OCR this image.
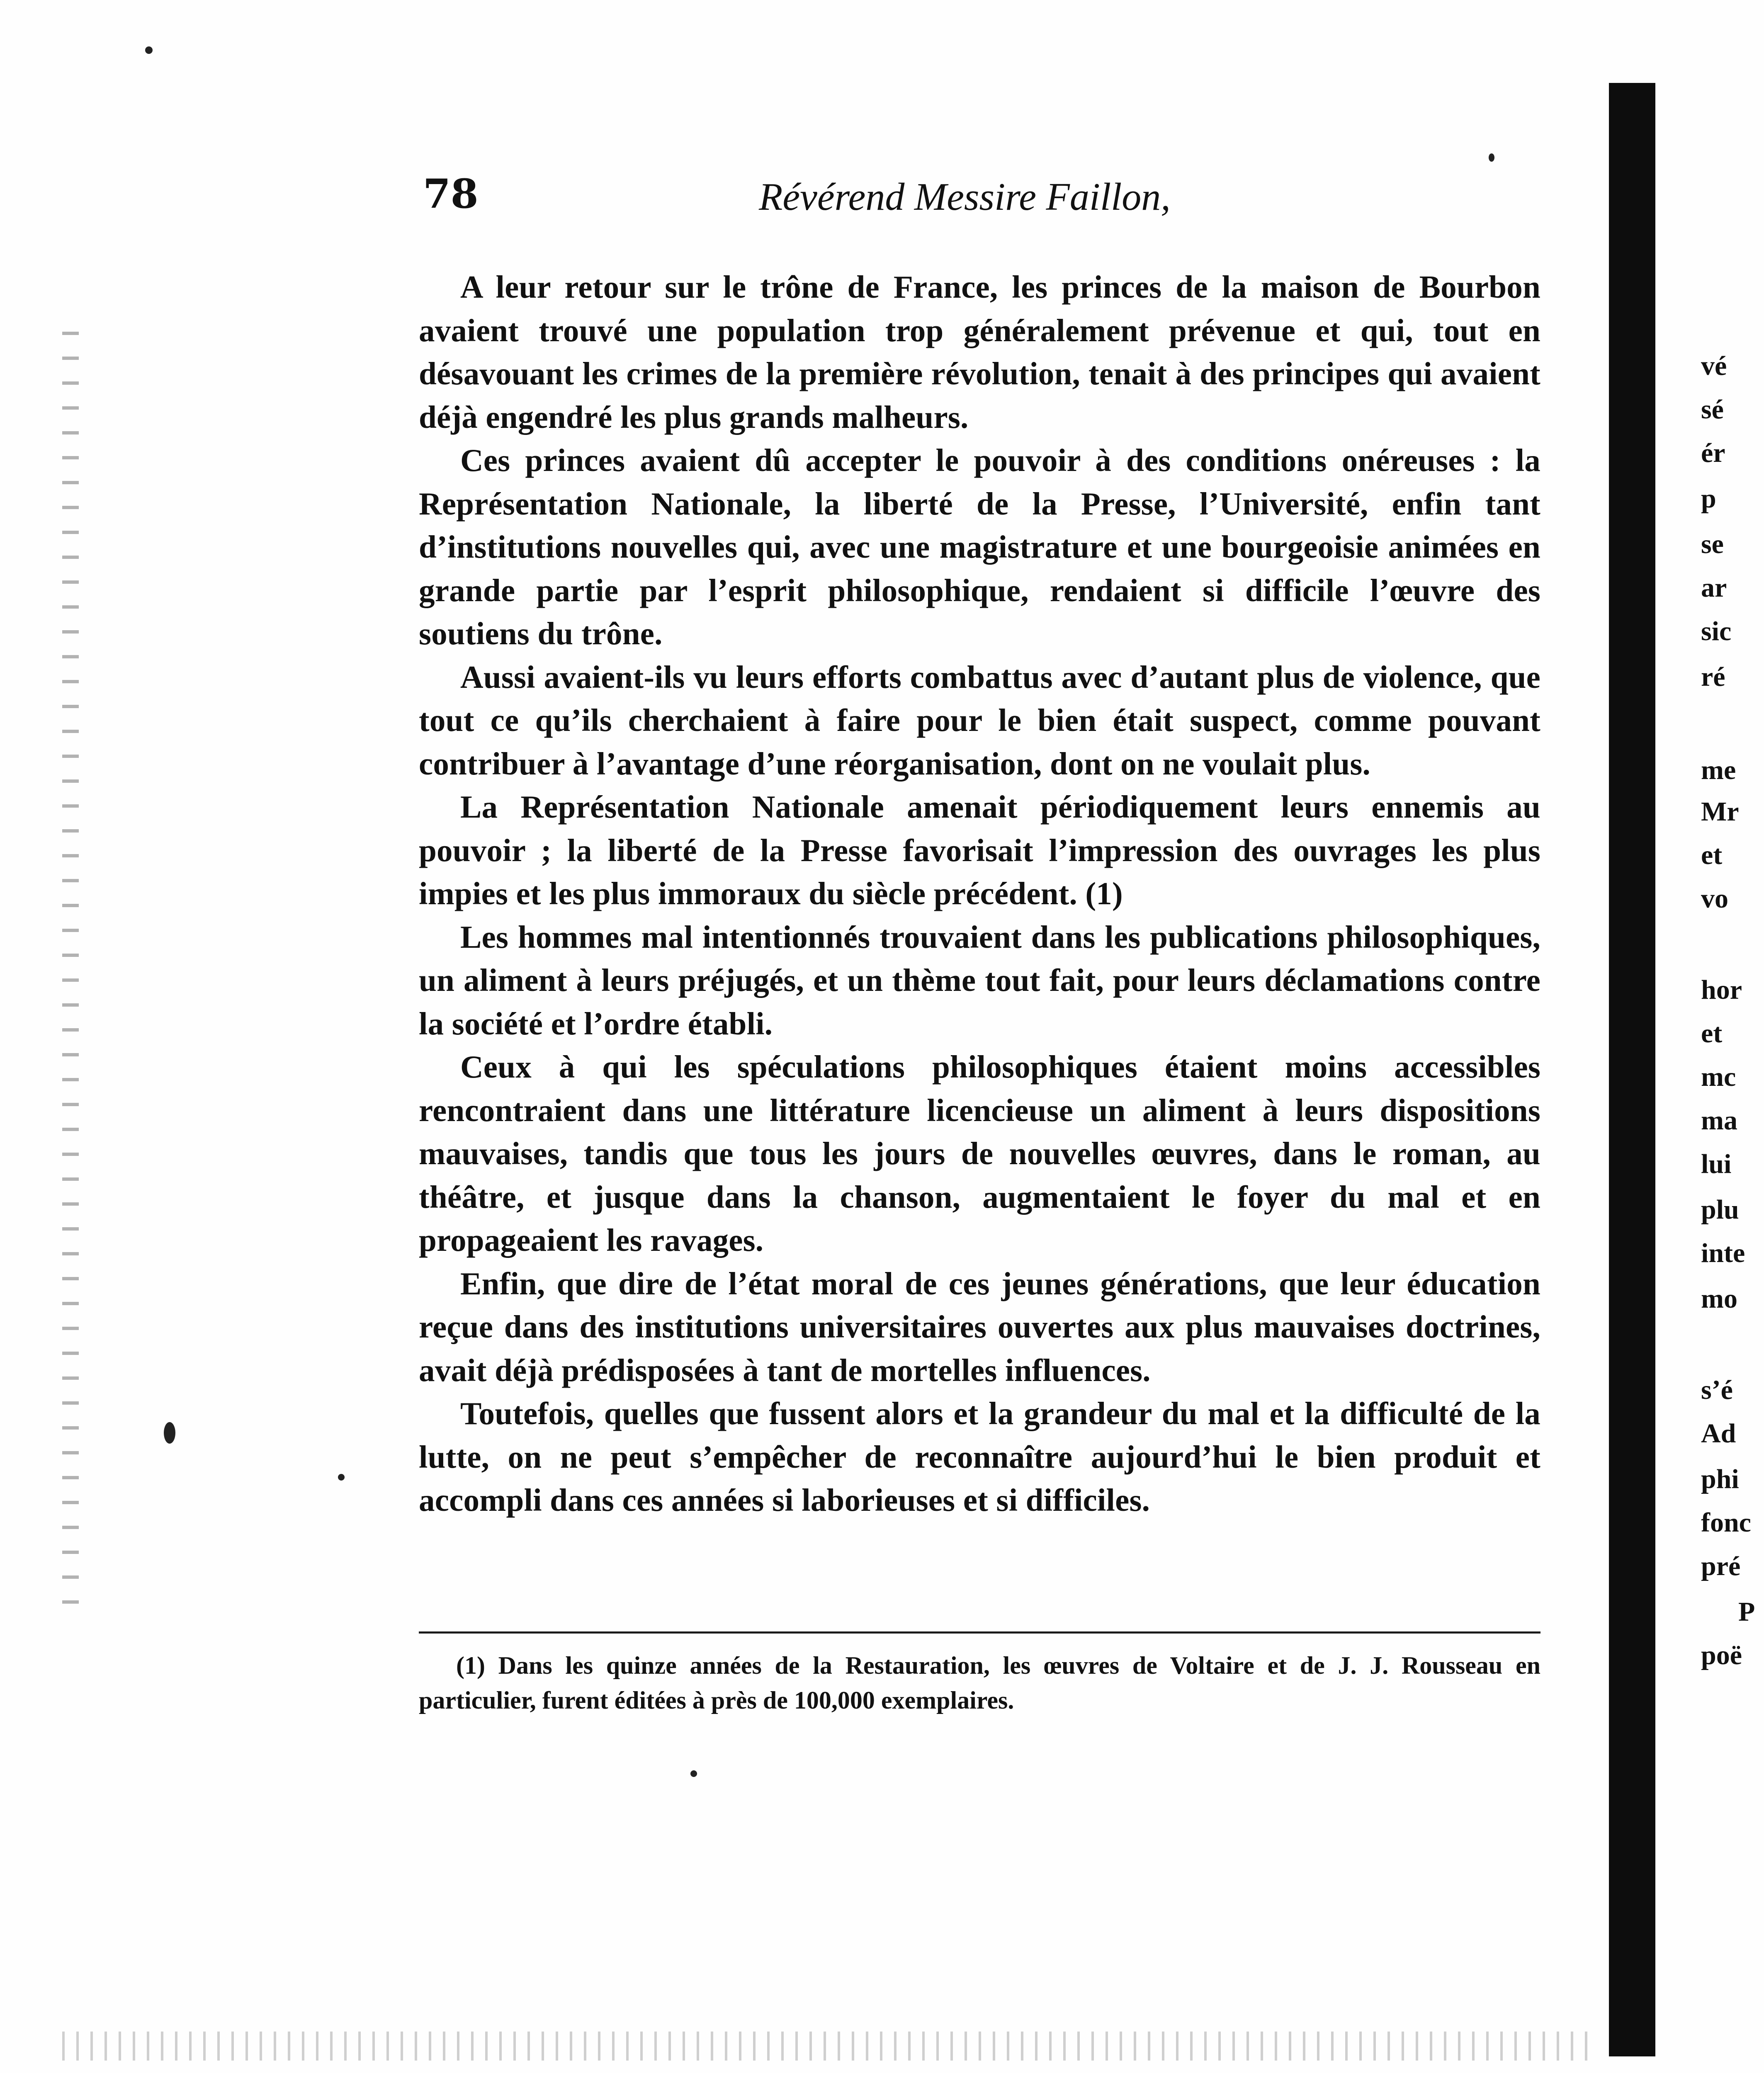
78	Révérend Messire Faillon,

A leur retour sur le trône de France, les princes de la maison de Bourbon avaient trouvé une population trop généralement prévenue et qui, tout en désavouant les crimes de la première révolution, tenait à des principes qui avaient déjà engendré les plus grands malheurs.

Ces princes avaient dû accepter le pouvoir à des conditions onéreuses : la Représentation Nationale, la liberté de la Presse, l’Université, enfin tant d’institutions nouvelles qui, avec une magistrature et une bourgeoisie animées en grande partie par l’esprit philosophique, rendaient si difficile l’œuvre des soutiens du trône.

Aussi avaient-ils vu leurs efforts combattus avec d’autant plus de violence, que tout ce qu’ils cherchaient à faire pour le bien était suspect, comme pouvant contribuer à l’avantage d’une réorganisation, dont on ne voulait plus.

La Représentation Nationale amenait périodiquement leurs ennemis au pouvoir ; la liberté de la Presse favorisait l’impression des ouvrages les plus impies et les plus immoraux du siècle précédent. (1)

Les hommes mal intentionnés trouvaient dans les publications philosophiques, un aliment à leurs préjugés, et un thème tout fait, pour leurs déclamations contre la société et l’ordre établi.

Ceux à qui les spéculations philosophiques étaient moins accessibles rencontraient dans une littérature licencieuse un aliment à leurs dispositions mauvaises, tandis que tous les jours de nouvelles œuvres, dans le roman, au théâtre, et jusque dans la chanson, augmentaient le foyer du mal et en propageaient les ravages.

Enfin, que dire de l’état moral de ces jeunes générations, que leur éducation reçue dans des institutions universitaires ouvertes aux plus mauvaises doctrines, avait déjà prédisposées à tant de mortelles influences.

Toutefois, quelles que fussent alors et la grandeur du mal et la difficulté de la lutte, on ne peut s’empêcher de reconnaître aujourd’hui le bien produit et accompli dans ces années si laborieuses et si difficiles.

(1) Dans les quinze années de la Restauration, les œuvres de Voltaire et de J. J. Rousseau en particulier, furent éditées à près de 100,000 exemplaires.

vé
sé
ér
p
se
ar
sic
ré
me
Mr
et
vo
hor
et
mc
ma
lui
plu
inte
mo
s’é
Ad
phi
fonc
pré
P
poë
